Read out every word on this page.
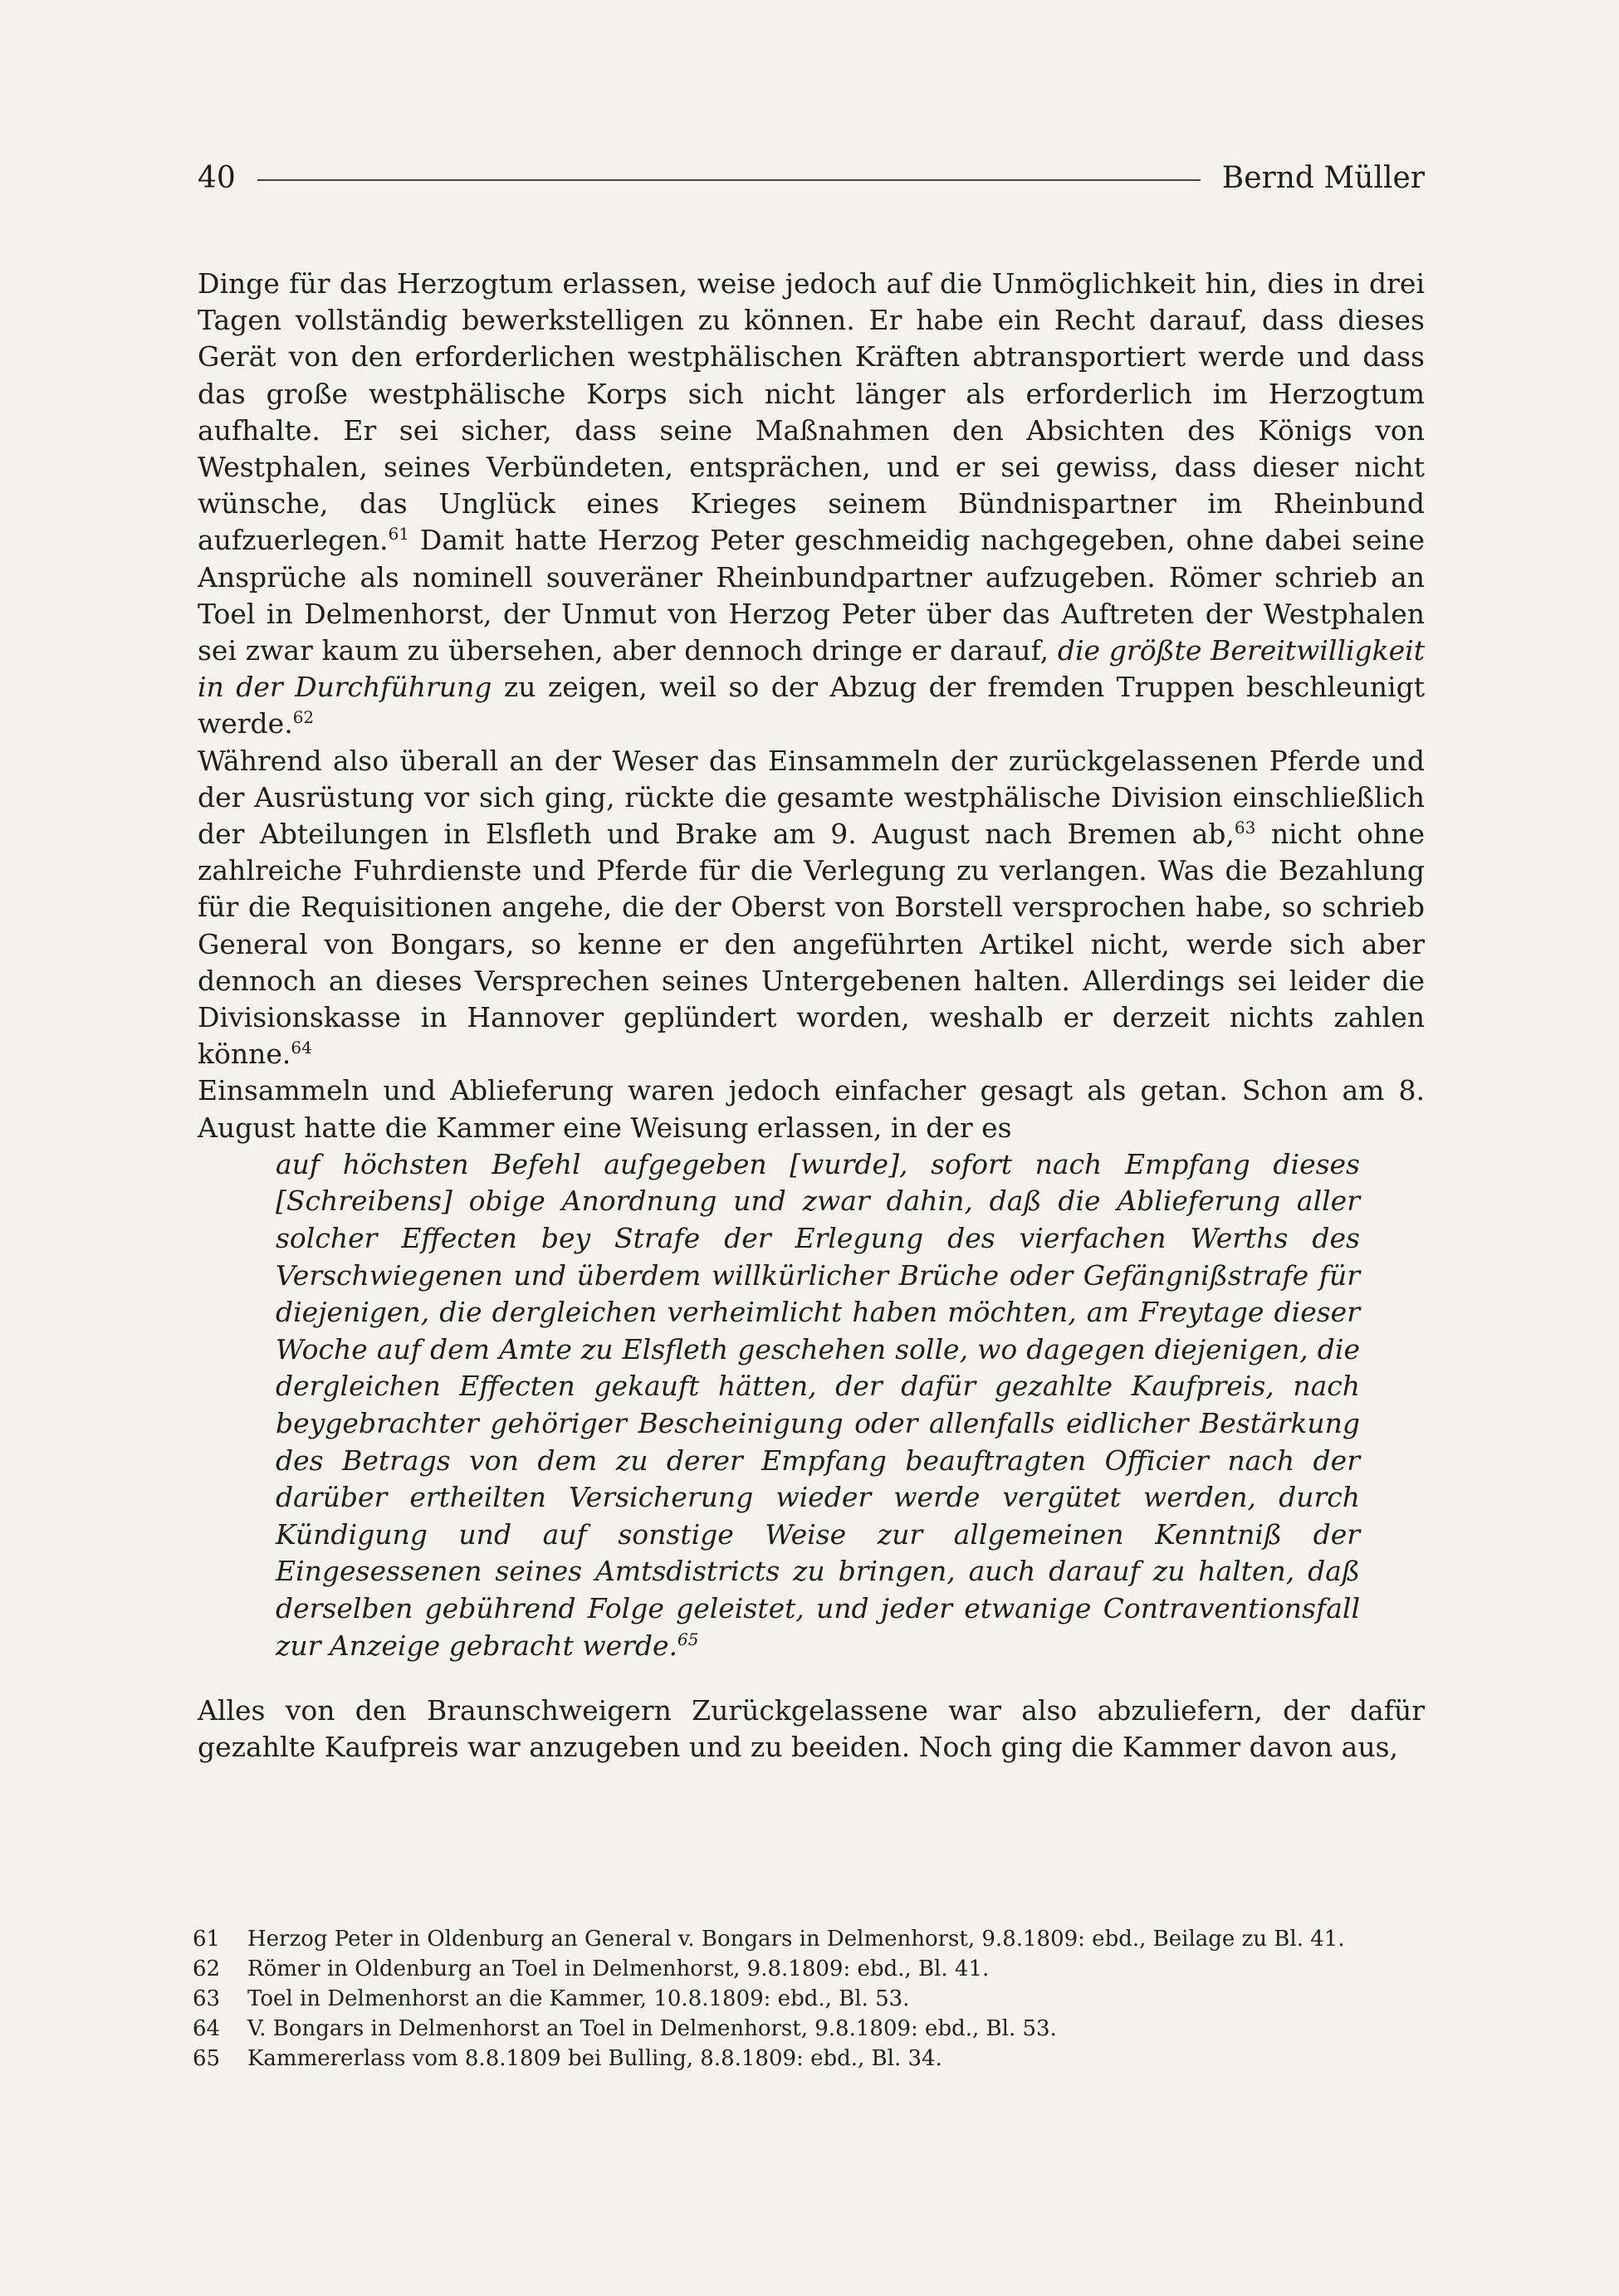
40	Bernd Müller

Dinge für das Herzogtum erlassen, weise jedoch auf die Unmöglichkeit hin, dies in drei Tagen vollständig bewerkstelligen zu können. Er habe ein Recht darauf, dass dieses Gerät von den erforderlichen westphälischen Kräften abtransportiert werde und dass das große westphälische Korps sich nicht länger als erforderlich im Herzogtum aufhalte. Er sei sicher, dass seine Maßnahmen den Absichten des Königs von Westphalen, seines Verbündeten, entsprächen, und er sei gewiss, dass dieser nicht wünsche, das Unglück eines Krieges seinem Bündnispartner im Rheinbund aufzuerlegen.$^{61}$ Damit hatte Herzog Peter geschmeidig nachgegeben, ohne dabei seine Ansprüche als nominell souveräner Rheinbundpartner aufzugeben. Römer schrieb an Toel in Delmenhorst, der Unmut von Herzog Peter über das Auftreten der Westphalen sei zwar kaum zu übersehen, aber dennoch dringe er darauf, die größte Bereitwilligkeit in der Durchführung zu zeigen, weil so der Abzug der fremden Truppen beschleunigt werde.$^{62}$

Während also überall an der Weser das Einsammeln der zurückgelassenen Pferde und der Ausrüstung vor sich ging, rückte die gesamte westphälische Division einschließlich der Abteilungen in Elsfleth und Brake am 9. August nach Bremen ab,$^{63}$ nicht ohne zahlreiche Fuhrdienste und Pferde für die Verlegung zu verlangen. Was die Bezahlung für die Requisitionen angehe, die der Oberst von Borstell versprochen habe, so schrieb General von Bongars, so kenne er den angeführten Artikel nicht, werde sich aber dennoch an dieses Versprechen seines Untergebenen halten. Allerdings sei leider die Divisionskasse in Hannover geplündert worden, weshalb er derzeit nichts zahlen könne.$^{64}$

Einsammeln und Ablieferung waren jedoch einfacher gesagt als getan. Schon am 8. August hatte die Kammer eine Weisung erlassen, in der es

auf höchsten Befehl aufgegeben [wurde], sofort nach Empfang dieses [Schreibens] obige Anordnung und zwar dahin, daß die Ablieferung aller solcher Effecten bey Strafe der Erlegung des vierfachen Werths des Verschwiegenen und überdem willkürlicher Brüche oder Gefängnißstrafe für diejenigen, die dergleichen verheimlicht haben möchten, am Freytage dieser Woche auf dem Amte zu Elsfleth geschehen solle, wo dagegen diejenigen, die dergleichen Effecten gekauft hätten, der dafür gezahlte Kaufpreis, nach beygebrachter gehöriger Bescheinigung oder allenfalls eidlicher Bestärkung des Betrags von dem zu derer Empfang beauftragten Officier nach der darüber ertheilten Versicherung wieder werde vergütet werden, durch Kündigung und auf sonstige Weise zur allgemeinen Kenntniß der Eingesessenen seines Amtsdistricts zu bringen, auch darauf zu halten, daß derselben gebührend Folge geleistet, und jeder etwanige Contraventionsfall zur Anzeige gebracht werde.$^{65}$

Alles von den Braunschweigern Zurückgelassene war also abzuliefern, der dafür gezahlte Kaufpreis war anzugeben und zu beeiden. Noch ging die Kammer davon aus,

61	Herzog Peter in Oldenburg an General v. Bongars in Delmenhorst, 9.8.1809: ebd., Beilage zu Bl. 41.
62	Römer in Oldenburg an Toel in Delmenhorst, 9.8.1809: ebd., Bl. 41.
63	Toel in Delmenhorst an die Kammer, 10.8.1809: ebd., Bl. 53.
64	V. Bongars in Delmenhorst an Toel in Delmenhorst, 9.8.1809: ebd., Bl. 53.
65	Kammererlass vom 8.8.1809 bei Bulling, 8.8.1809: ebd., Bl. 34.
